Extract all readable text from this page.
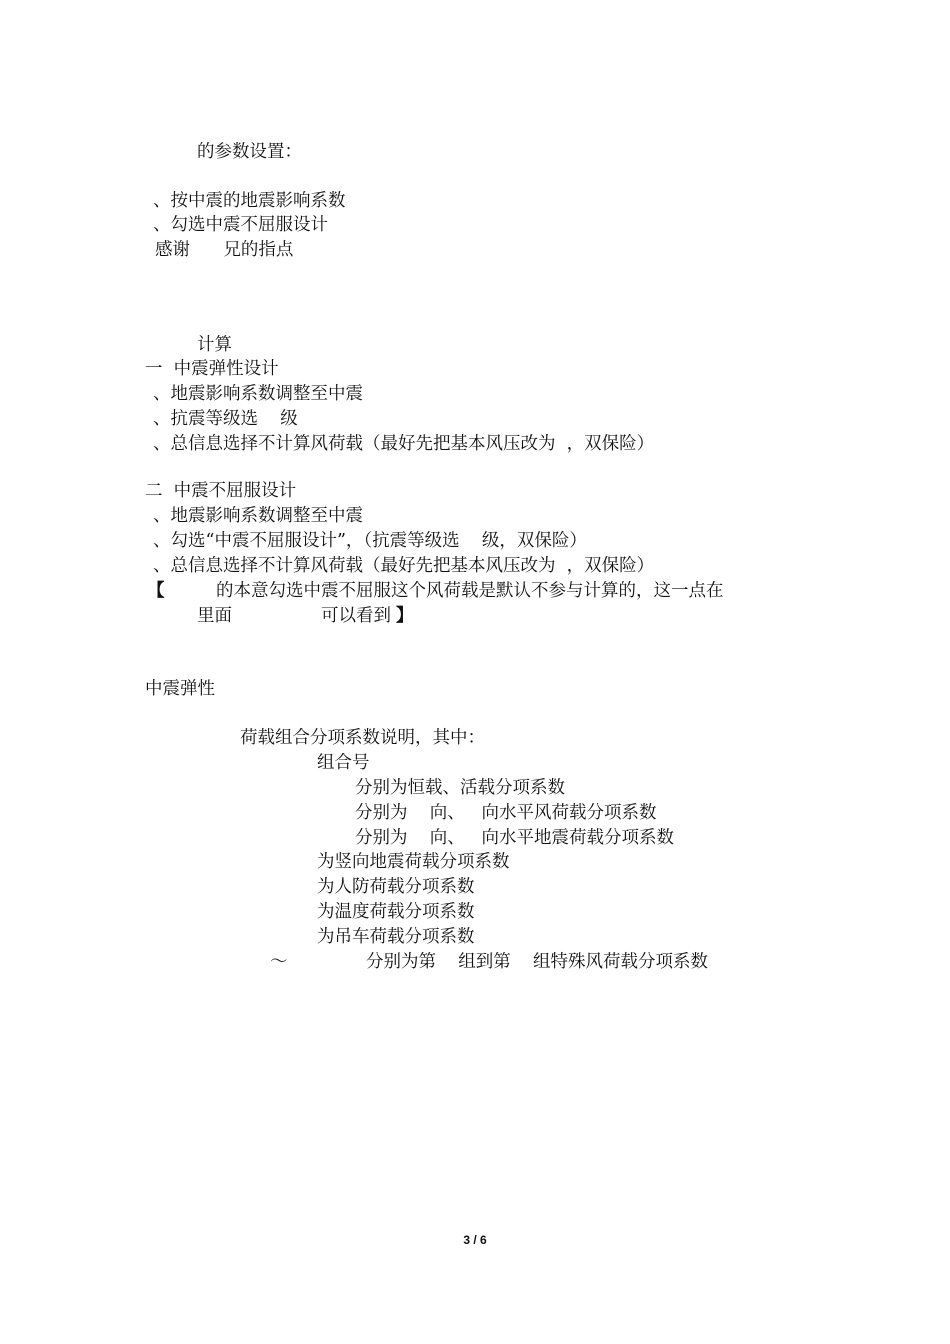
的参数设置：
、按中震的地震影响系数
、勾选中震不屈服设计
感谢      兄的指点
计算
一  中震弹性设计
、地震影响系数调整至中震
、抗震等级选    级
、总信息选择不计算风荷载（最好先把基本风压改为  ，双保险）
二  中震不屈服设计
、地震影响系数调整至中震
、勾选“中震不屈服设计”，（抗震等级选    级，双保险）
、总信息选择不计算风荷载（最好先把基本风压改为  ，双保险）
【	的本意勾选中震不屈服这个风荷载是默认不参与计算的，这一点在
里面	可以看到 】
中震弹性
荷载组合分项系数说明，其中：
组合号
分别为恒载、活载分项系数
分别为    向、   向水平风荷载分项系数
分别为    向、   向水平地震荷载分项系数
为竖向地震荷载分项系数
为人防荷载分项系数
为温度荷载分项系数
为吊车荷载分项系数
～	分别为第    组到第    组特殊风荷载分项系数
3 / 6
